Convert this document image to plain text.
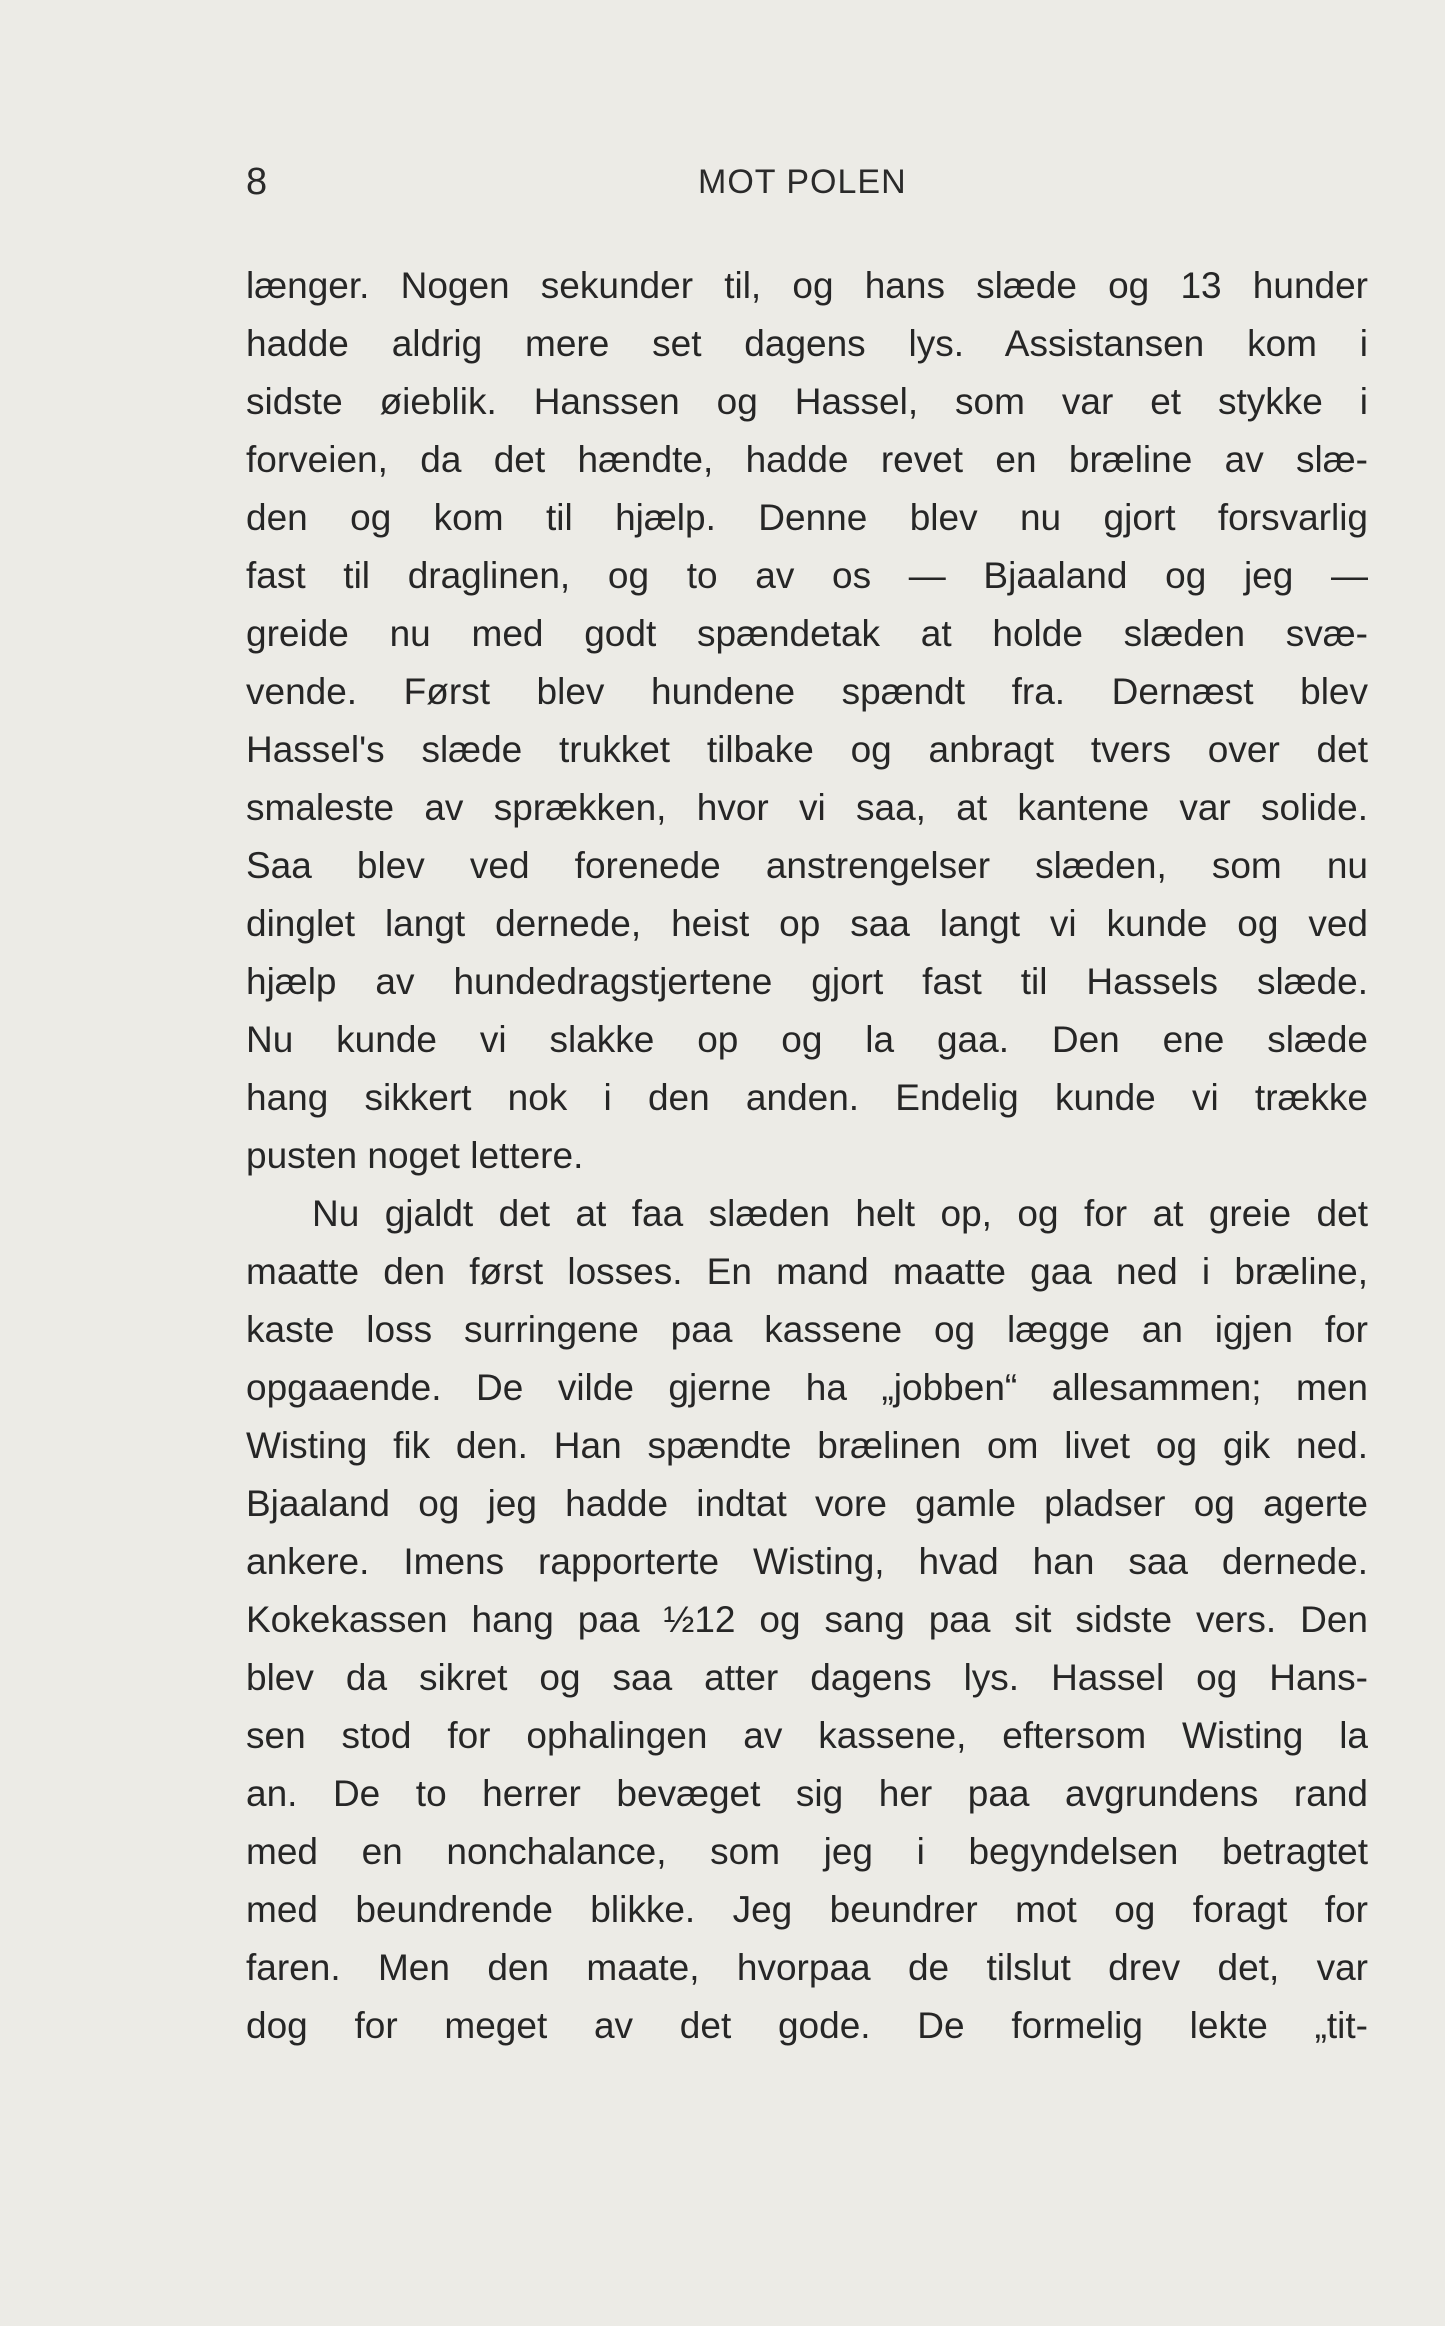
8	MOT POLEN
længer. Nogen sekunder til, og hans slæde og 13 hunder
hadde aldrig mere set dagens lys. Assistansen kom i
sidste øieblik. Hanssen og Hassel, som var et stykke i
forveien, da det hændte, hadde revet en bræline av slæ-
den og kom til hjælp. Denne blev nu gjort forsvarlig
fast til draglinen, og to av os — Bjaaland og jeg —
greide nu med godt spændetak at holde slæden svæ-
vende. Først blev hundene spændt fra. Dernæst blev
Hassel's slæde trukket tilbake og anbragt tvers over det
smaleste av sprækken, hvor vi saa, at kantene var solide.
Saa blev ved forenede anstrengelser slæden, som nu
dinglet langt dernede, heist op saa langt vi kunde og ved
hjælp av hundedragstjertene gjort fast til Hassels slæde.
Nu kunde vi slakke op og la gaa. Den ene slæde
hang sikkert nok i den anden. Endelig kunde vi trække
pusten noget lettere.
Nu gjaldt det at faa slæden helt op, og for at greie det
maatte den først losses. En mand maatte gaa ned i bræline,
kaste loss surringene paa kassene og lægge an igjen for
opgaaende. De vilde gjerne ha „jobben“ allesammen; men
Wisting fik den. Han spændte brælinen om livet og gik ned.
Bjaaland og jeg hadde indtat vore gamle pladser og agerte
ankere. Imens rapporterte Wisting, hvad han saa dernede.
Kokekassen hang paa ½12 og sang paa sit sidste vers. Den
blev da sikret og saa atter dagens lys. Hassel og Hans-
sen stod for ophalingen av kassene, eftersom Wisting la
an. De to herrer bevæget sig her paa avgrundens rand
med en nonchalance, som jeg i begyndelsen betragtet
med beundrende blikke. Jeg beundrer mot og foragt for
faren. Men den maate, hvorpaa de tilslut drev det, var
dog for meget av det gode. De formelig lekte „tit-
